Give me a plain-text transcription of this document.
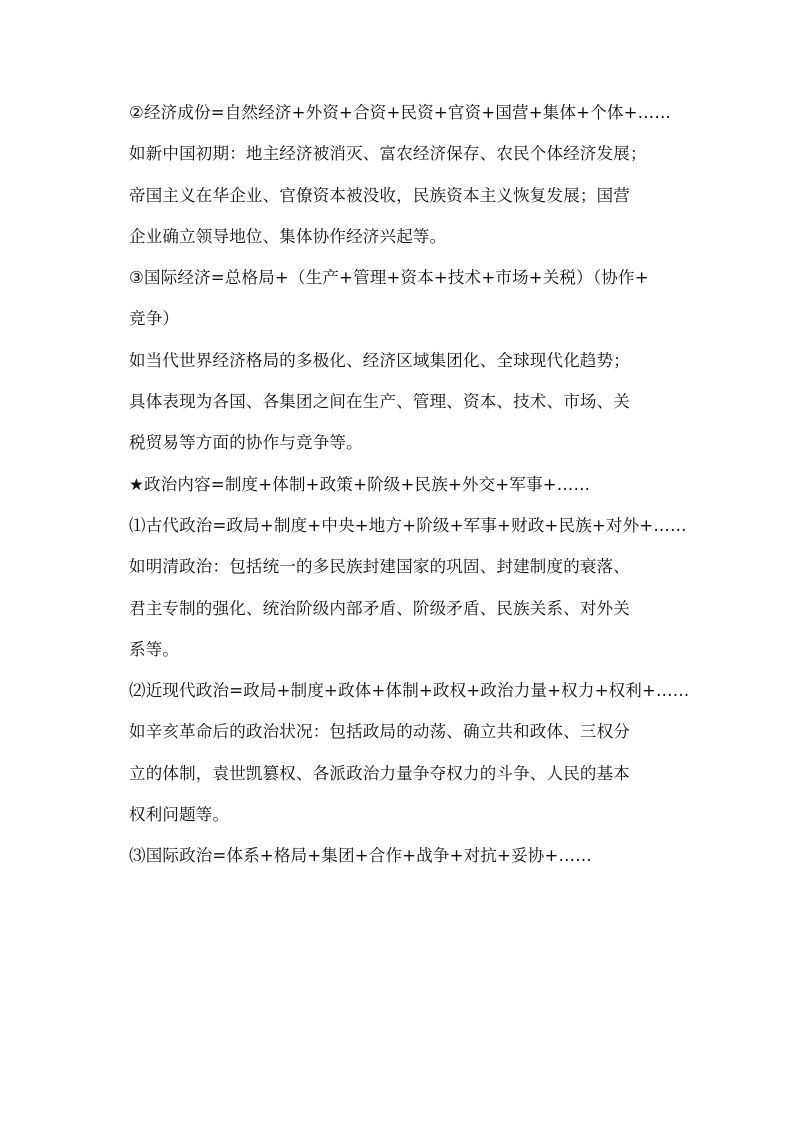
②经济成份=自然经济+外资+合资+民资+官资+国营+集体+个体+……
如新中国初期：地主经济被消灭、富农经济保存、农民个体经济发展；
帝国主义在华企业、官僚资本被没收，民族资本主义恢复发展；国营
企业确立领导地位、集体协作经济兴起等。
③国际经济=总格局+（生产+管理+资本+技术+市场+关税）（协作+
竞争）
如当代世界经济格局的多极化、经济区域集团化、全球现代化趋势；
具体表现为各国、各集团之间在生产、管理、资本、技术、市场、关
税贸易等方面的协作与竞争等。
★政治内容=制度+体制+政策+阶级+民族+外交+军事+……
⑴古代政治=政局+制度+中央+地方+阶级+军事+财政+民族+对外+……
如明清政治：包括统一的多民族封建国家的巩固、封建制度的衰落、
君主专制的强化、统治阶级内部矛盾、阶级矛盾、民族关系、对外关
系等。
⑵近现代政治=政局+制度+政体+体制+政权+政治力量+权力+权利+……
如辛亥革命后的政治状况：包括政局的动荡、确立共和政体、三权分
立的体制，袁世凯篡权、各派政治力量争夺权力的斗争、人民的基本
权利问题等。
⑶国际政治=体系+格局+集团+合作+战争+对抗+妥协+……
